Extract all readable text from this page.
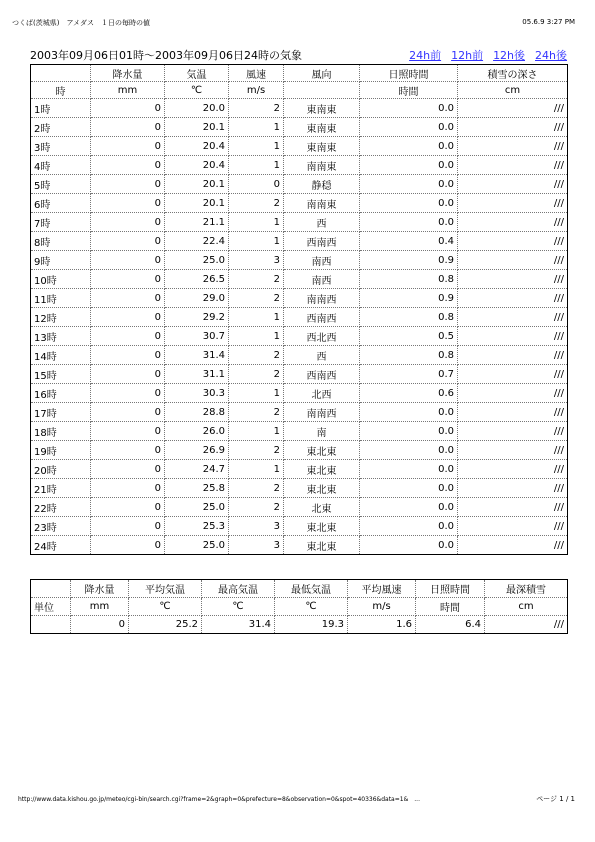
つくば(茨城県)　アメダス　１日の毎時の値	05.6.9 3:27 PM
2003年09月06日01時～2003年09月06日24時の気象	24h前 12h前 12h後 24h後
	降水量	気温	風速	風向	日照時間	積雪の深さ
時	mm	℃	m/s		時間	cm
1時	0	20.0	2	東南東	0.0	///
2時	0	20.1	1	東南東	0.0	///
3時	0	20.4	1	東南東	0.0	///
4時	0	20.4	1	南南東	0.0	///
5時	0	20.1	0	静穏	0.0	///
6時	0	20.1	2	南南東	0.0	///
7時	0	21.1	1	西	0.0	///
8時	0	22.4	1	西南西	0.4	///
9時	0	25.0	3	南西	0.9	///
10時	0	26.5	2	南西	0.8	///
11時	0	29.0	2	南南西	0.9	///
12時	0	29.2	1	西南西	0.8	///
13時	0	30.7	1	西北西	0.5	///
14時	0	31.4	2	西	0.8	///
15時	0	31.1	2	西南西	0.7	///
16時	0	30.3	1	北西	0.6	///
17時	0	28.8	2	南南西	0.0	///
18時	0	26.0	1	南	0.0	///
19時	0	26.9	2	東北東	0.0	///
20時	0	24.7	1	東北東	0.0	///
21時	0	25.8	2	東北東	0.0	///
22時	0	25.0	2	北東	0.0	///
23時	0	25.3	3	東北東	0.0	///
24時	0	25.0	3	東北東	0.0	///
	降水量	平均気温	最高気温	最低気温	平均風速	日照時間	最深積雪
単位	mm	℃	℃	℃	m/s	時間	cm
	0	25.2	31.4	19.3	1.6	6.4	///
http://www.data.kishou.go.jp/meteo/cgi-bin/search.cgi?frame=2&graph=0&prefecture=8&observation=0&spot=40336&data=1&　...	ページ 1 / 1
